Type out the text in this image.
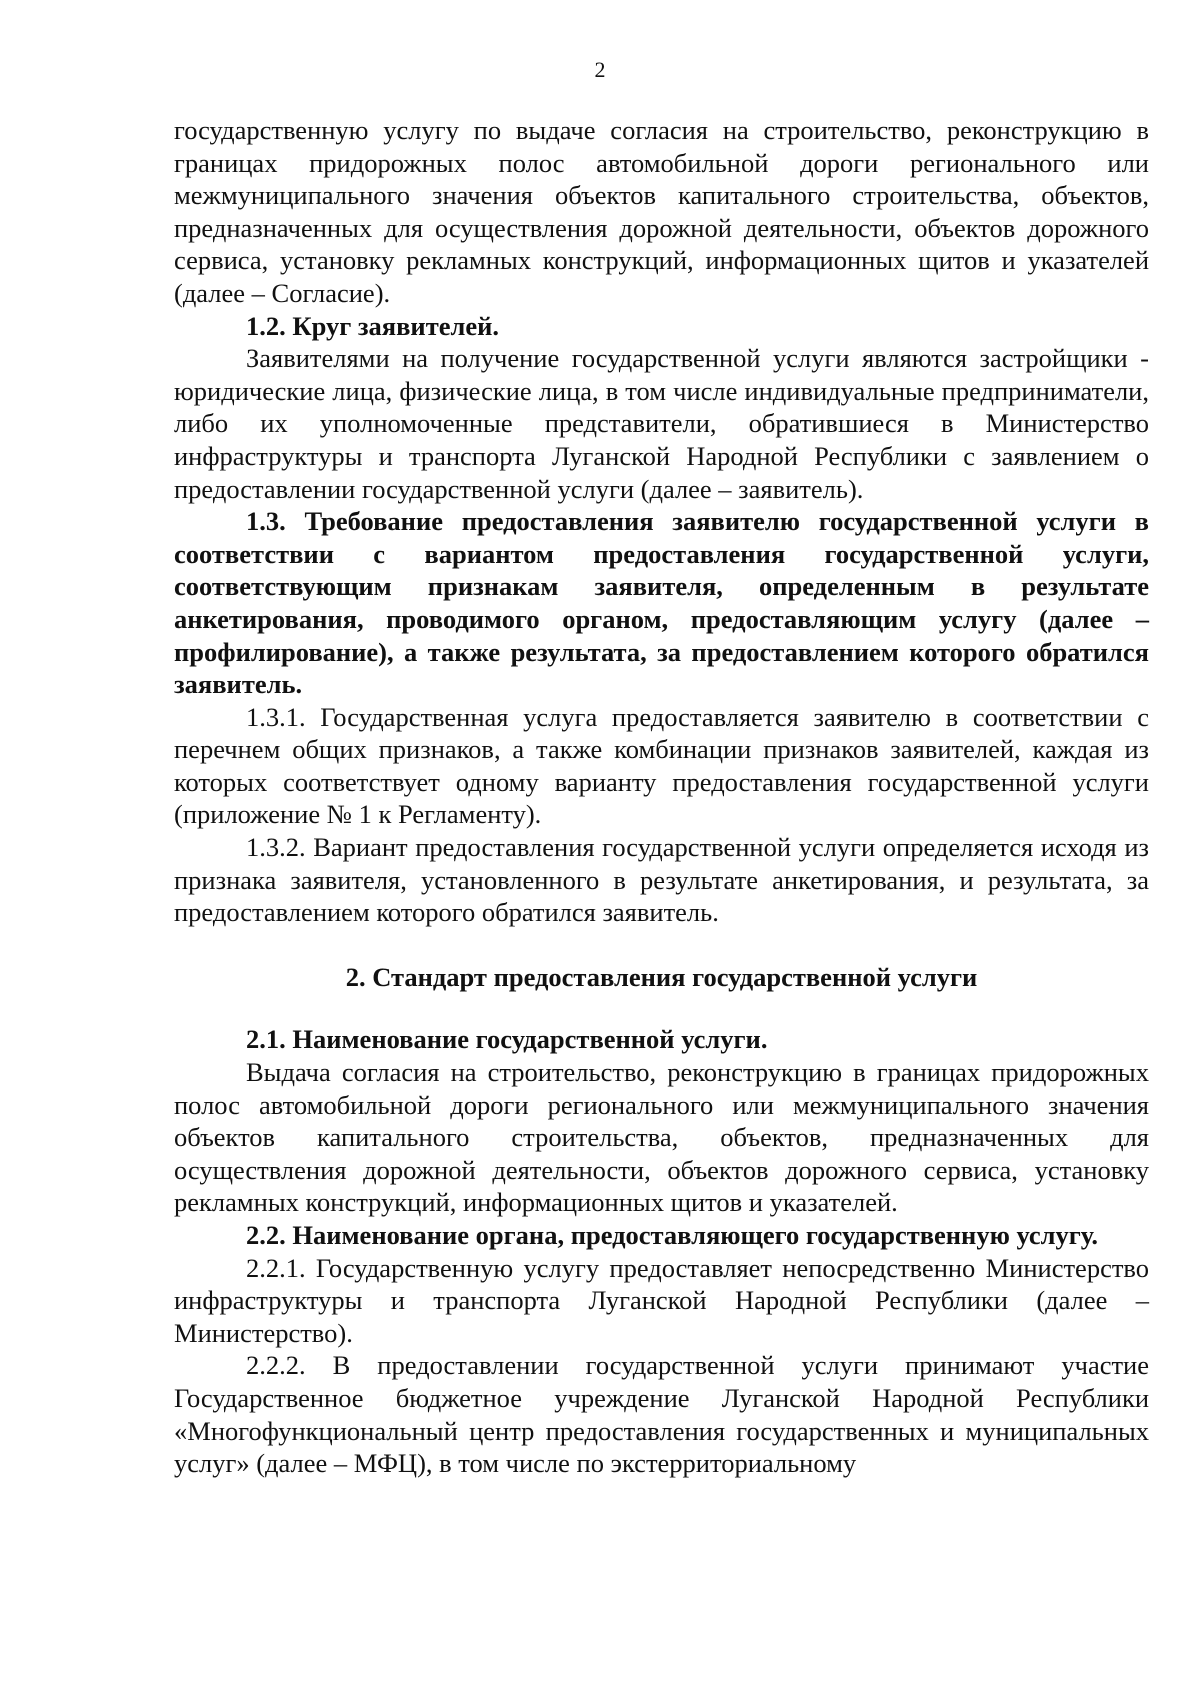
2

государственную услугу по выдаче согласия на строительство, реконструкцию в границах придорожных полос автомобильной дороги регионального или межмуниципального значения объектов капитального строительства, объектов, предназначенных для осуществления дорожной деятельности, объектов дорожного сервиса, установку рекламных конструкций, информационных щитов и указателей (далее – Согласие).

1.2. Круг заявителей.

Заявителями на получение государственной услуги являются застройщики - юридические лица, физические лица, в том числе индивидуальные предприниматели, либо их уполномоченные представители, обратившиеся в Министерство инфраструктуры и транспорта Луганской Народной Республики с заявлением о предоставлении государственной услуги (далее – заявитель).

1.3. Требование предоставления заявителю государственной услуги в соответствии с вариантом предоставления государственной услуги, соответствующим признакам заявителя, определенным в результате анкетирования, проводимого органом, предоставляющим услугу (далее – профилирование), а также результата, за предоставлением которого обратился заявитель.

1.3.1. Государственная услуга предоставляется заявителю в соответствии с перечнем общих признаков, а также комбинации признаков заявителей, каждая из которых соответствует одному варианту предоставления государственной услуги (приложение № 1 к Регламенту).

1.3.2. Вариант предоставления государственной услуги определяется исходя из признака заявителя, установленного в результате анкетирования, и результата, за предоставлением которого обратился заявитель.

2. Стандарт предоставления государственной услуги

2.1. Наименование государственной услуги.

Выдача согласия на строительство, реконструкцию в границах придорожных полос автомобильной дороги регионального или межмуниципального значения объектов капитального строительства, объектов, предназначенных для осуществления дорожной деятельности, объектов дорожного сервиса, установку рекламных конструкций, информационных щитов и указателей.

2.2. Наименование органа, предоставляющего государственную услугу.

2.2.1. Государственную услугу предоставляет непосредственно Министерство инфраструктуры и транспорта Луганской Народной Республики (далее – Министерство).

2.2.2. В предоставлении государственной услуги принимают участие Государственное бюджетное учреждение Луганской Народной Республики «Многофункциональный центр предоставления государственных и муниципальных услуг» (далее – МФЦ), в том числе по экстерриториальному
